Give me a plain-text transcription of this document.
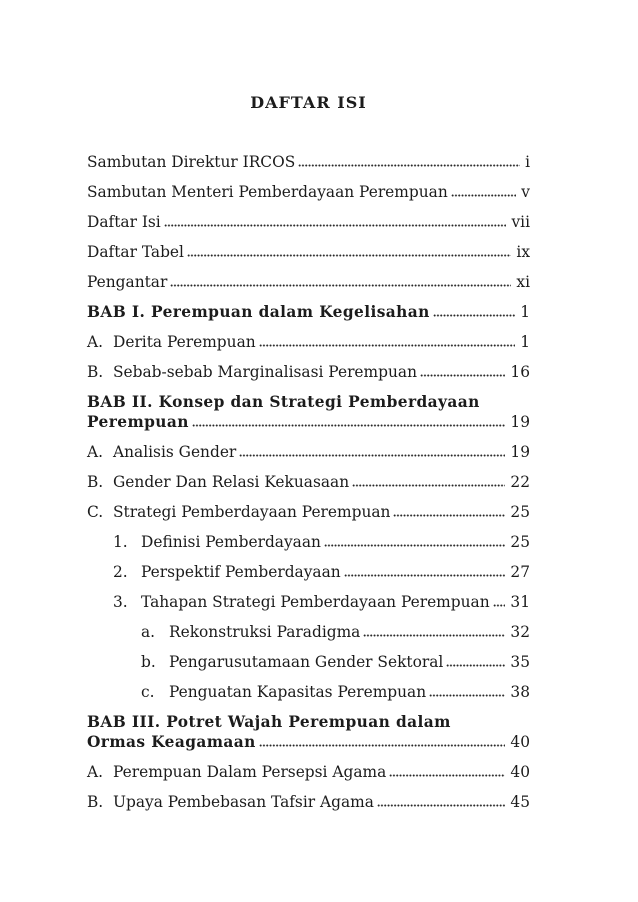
DAFTAR ISI
Sambutan Direktur IRCOS	i
Sambutan Menteri Pemberdayaan Perempuan	v
Daftar Isi	vii
Daftar Tabel	ix
Pengantar	xi
BAB I. Perempuan dalam Kegelisahan	1
A. Derita Perempuan	1
B. Sebab-sebab Marginalisasi Perempuan	16
BAB II. Konsep dan Strategi Pemberdayaan
Perempuan	19
A. Analisis Gender	19
B. Gender Dan Relasi Kekuasaan	22
C. Strategi Pemberdayaan Perempuan	25
1. Definisi Pemberdayaan	25
2. Perspektif Pemberdayaan	27
3. Tahapan Strategi Pemberdayaan Perempuan 31
a. Rekonstruksi Paradigma	32
b. Pengarusutamaan Gender Sektoral	35
c. Penguatan Kapasitas Perempuan	38
BAB III. Potret Wajah Perempuan dalam
Ormas Keagamaan	40
A. Perempuan Dalam Persepsi Agama	40
B. Upaya Pembebasan Tafsir Agama	45
